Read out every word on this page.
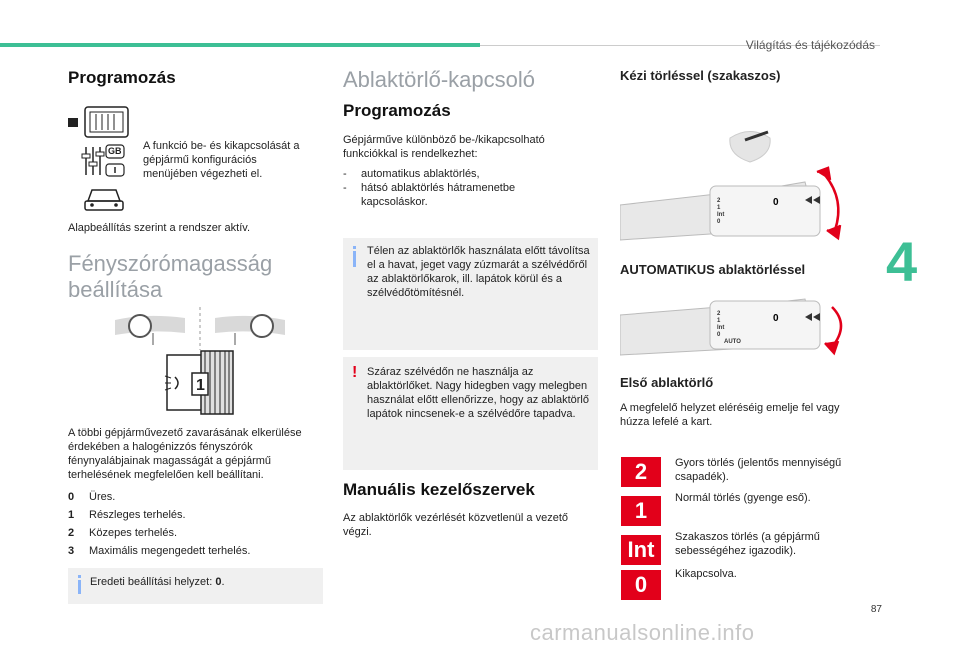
Világítás és tájékozódás
Programozás
GB A funkció be- és kikapcsolását a gépjármű konfigurációs menüjében végezheti el.
Alapbeállítás szerint a rendszer aktív.
Fényszórómagasság
beállítása
1
A többi gépjárművezető zavarásának elkerülése érdekében a halogénizzós fényszórók fénynyalábjainak magasságát a gépjármű terhelésének megfelelően kell beállítani.
0 Üres.
1 Részleges terhelés.
2 Közepes terhelés.
3 Maximális megengedett terhelés.
Eredeti beállítási helyzet: 0.
Ablaktörlő-kapcsoló
Programozás
Gépjárműve különböző be-/kikapcsolható funkciókkal is rendelkezhet:
-	automatikus ablaktörlés,
-	hátsó ablaktörlés hátramenetbe kapcsoláskor.
Télen az ablaktörlők használata előtt távolítsa el a havat, jeget vagy zúzmarát a szélvédőről az ablaktörlőkarok, ill. lapátok körül és a szélvédőtömítésnél.
! Száraz szélvédőn ne használja az ablaktörlőket. Nagy hidegben vagy melegben használat előtt ellenőrizze, hogy az ablaktörlő lapátok nincsenek-e a szélvédőre tapadva.
Manuális kezelőszervek
Az ablaktörlők vezérlését közvetlenül a vezető végzi.
Kézi törléssel (szakaszos)
2
1
Int
0
0
AUTOMATIKUS ablaktörléssel
2
1
Int
0
AUTO
0
Első ablaktörlő
A megfelelő helyzet eléréséig emelje fel vagy húzza lefelé a kart.
2	Gyors törlés (jelentős mennyiségű csapadék).
1	Normál törlés (gyenge eső).
Int	Szakaszos törlés (a gépjármű sebességéhez igazodik).
0	Kikapcsolva.
4
87
carmanualsonline.info
